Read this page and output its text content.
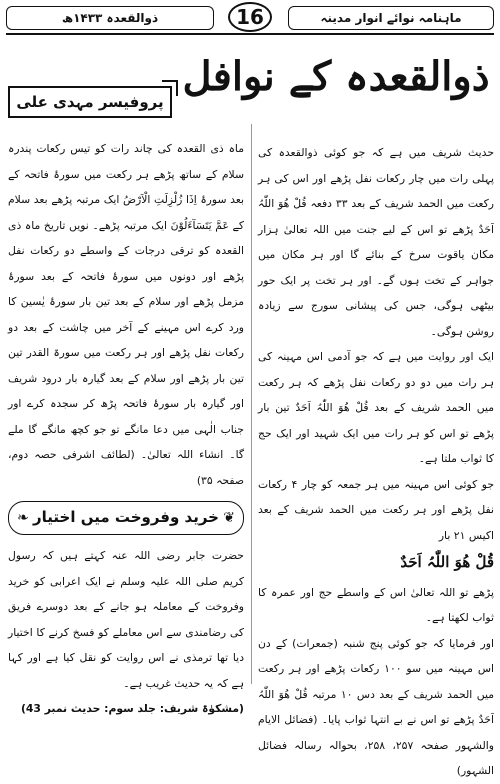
ماہنامہ نوائے انوار مدینہ
16
ذوالقعدہ ۱۴۳۳ھ
ذوالقعدہ کے نوافل
پروفیسر مہدی علی

حدیث شریف میں ہے کہ جو کوئی ذوالقعدہ کی پہلی رات میں چار رکعات نفل پڑھے اور اس کی ہر رکعت میں الحمد شریف کے بعد ۳۳ دفعہ قُلْ ھُوَ اللّٰہُ اَحَدٌ پڑھے تو اس کے لیے جنت میں اللہ تعالیٰ ہزار مکان یاقوت سرخ کے بنائے گا اور ہر مکان میں جواہر کے تخت ہوں گے۔ اور ہر تخت پر ایک حور بیٹھی ہوگی، جس کی پیشانی سورج سے زیادہ روشن ہوگی۔

ایک اور روایت میں ہے کہ جو آدمی اس مہینہ کی ہر رات میں دو دو رکعات نفل پڑھے کہ ہر رکعت میں الحمد شریف کے بعد قُلْ ھُوَ اللّٰہُ اَحَدٌ تین بار پڑھے تو اس کو ہر رات میں ایک شہید اور ایک حج کا ثواب ملتا ہے۔

جو کوئی اس مہینہ میں ہر جمعہ کو چار ۴ رکعات نفل پڑھے اور ہر رکعت میں الحمد شریف کے بعد اکیس ۲۱ بار

قُلْ ھُوَ اللّٰہُ اَحَدٌ

پڑھے تو اللہ تعالیٰ اس کے واسطے حج اور عمرہ کا ثواب لکھتا ہے۔

اور فرمایا کہ جو کوئی پنج شنبہ (جمعرات) کے دن اس مہینہ میں سو ۱۰۰ رکعات پڑھے اور ہر رکعت میں الحمد شریف کے بعد دس ۱۰ مرتبہ قُلْ ھُوَ اللّٰہُ اَحَدٌ پڑھے تو اس نے بے انتہا ثواب پایا۔ (فضائل الایام والشہور صفحہ ۲۵۷، ۲۵۸، بحوالہ رسالہ فضائل الشہور)

ماہ ذی القعدہ کی چاند رات کو تیس رکعات پندرہ سلام کے ساتھ پڑھے ہر رکعت میں سورۂ فاتحہ کے بعد سورۂ اِذَا زُلْزِلَتِ الْاَرْضُ ایک مرتبہ پڑھے بعد سلام کے عَمَّ یَتَسَآءَلُوْنَ ایک مرتبہ پڑھے۔ نویں تاریخ ماہ ذی القعدہ کو ترقی درجات کے واسطے دو رکعات نفل پڑھے اور دونوں میں سورۂ فاتحہ کے بعد سورۂ مزمل پڑھے اور سلام کے بعد تین بار سورۂ یٰسین کا ورد کرے اس مہینے کے آخر میں چاشت کے بعد دو رکعات نفل پڑھے اور ہر رکعت میں سورۃ القدر تین تین بار پڑھے اور سلام کے بعد گیارہ بار درود شریف اور گیارہ بار سورۂ فاتحہ پڑھ کر سجدہ کرے اور جناب الٰہی میں دعا مانگے تو جو کچھ مانگے گا ملے گا۔ انشاء اللہ تعالیٰ۔ (لطائف اشرفی حصہ دوم، صفحہ ۳۵)

❦
خرید وفروخت میں اختیار
❧

حضرت جابر رضی اللہ عنہ کہتے ہیں کہ رسول کریم صلی اللہ علیہ وسلم نے ایک اعرابی کو خرید وفروخت کے معاملہ ہو جانے کے بعد دوسرے فریق کی رضامندی سے اس معاملے کو فسخ کرنے کا اختیار دیا تھا ترمذی نے اس روایت کو نقل کیا ہے اور کہا ہے کہ یہ حدیث غریب ہے۔

(مشکوٰۃ شریف: جلد سوم: حدیث نمبر 43)
